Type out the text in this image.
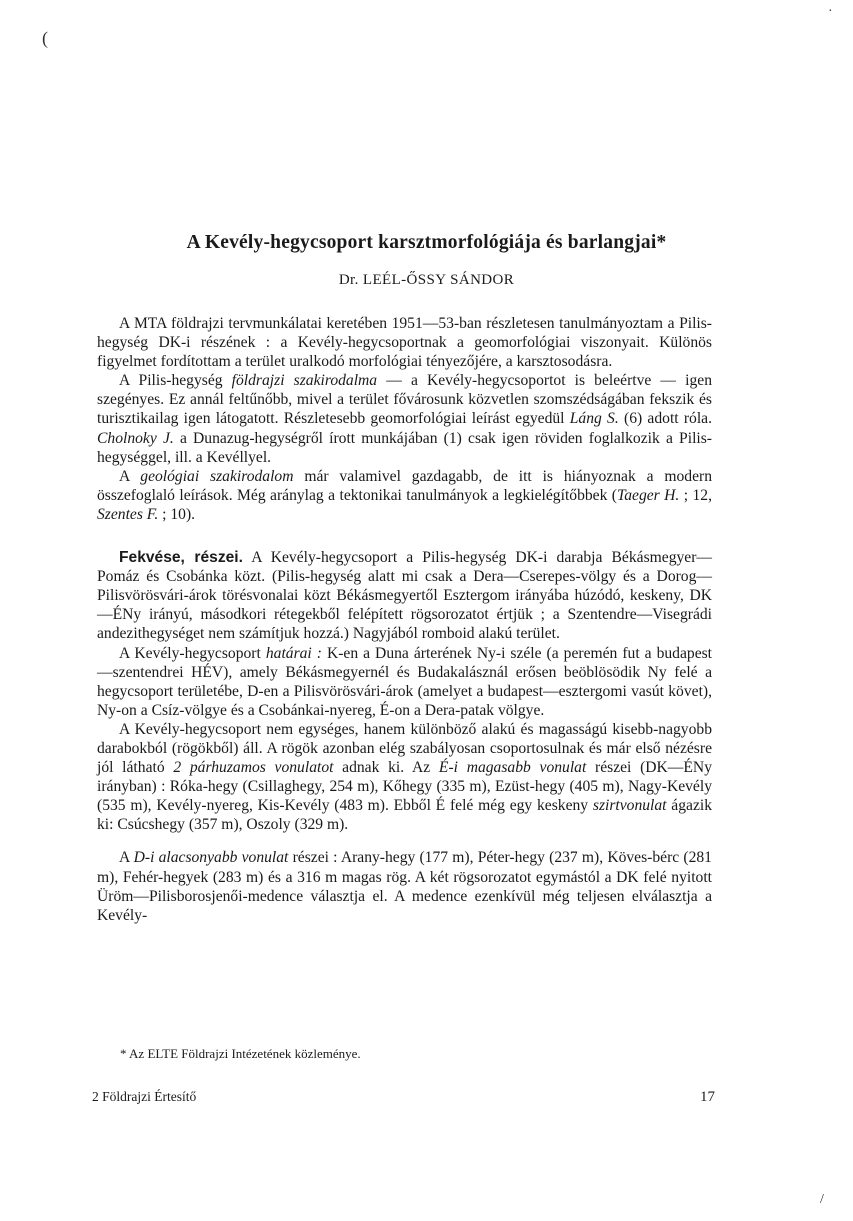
(
·
/
A Kevély-hegycsoport karsztmorfológiája és barlangjai*
Dr. LEÉL-ŐSSY SÁNDOR

A MTA földrajzi tervmunkálatai keretében 1951—53-ban részletesen tanulmányoztam a Pilis-hegység DK-i részének : a Kevély-hegycsoportnak a geomorfológiai viszonyait. Különös figyelmet fordítottam a terület uralkodó morfológiai tényezőjére, a karsztosodásra.

A Pilis-hegység földrajzi szakirodalma — a Kevély-hegycsoportot is beleértve — igen szegényes. Ez annál feltűnőbb, mivel a terület fővárosunk közvetlen szomszédságában fekszik és turisztikailag igen látogatott. Részletesebb geomorfológiai leírást egyedül Láng S. (6) adott róla. Cholnoky J. a Dunazug-hegységről írott munkájában (1) csak igen röviden foglalkozik a Pilis-hegységgel, ill. a Kevéllyel.

A geológiai szakirodalom már valamivel gazdagabb, de itt is hiányoznak a modern összefoglaló leírások. Még aránylag a tektonikai tanulmányok a legkielégítőbbek (Taeger H. ; 12, Szentes F. ; 10).

Fekvése, részei. A Kevély-hegycsoport a Pilis-hegység DK-i darabja Békásmegyer—Pomáz és Csobánka közt. (Pilis-hegység alatt mi csak a Dera—Cserepes-völgy és a Dorog—Pilisvörösvári-árok törésvonalai közt Békásmegyertől Esztergom irányába húzódó, keskeny, DK—ÉNy irányú, másodkori rétegekből felépített rögsorozatot értjük ; a Szentendre—Visegrádi andezithegységet nem számítjuk hozzá.) Nagyjából romboid alakú terület.

A Kevély-hegycsoport határai : K-en a Duna árterének Ny-i széle (a peremén fut a budapest—szentendrei HÉV), amely Békásmegyernél és Budakalásznál erősen beöblösödik Ny felé a hegycsoport területébe, D-en a Pilisvörösvári-árok (amelyet a budapest—esztergomi vasút követ), Ny-on a Csíz-völgye és a Csobánkai-nyereg, É-on a Dera-patak völgye.

A Kevély-hegycsoport nem egységes, hanem különböző alakú és magasságú kisebb-nagyobb darabokból (rögökből) áll. A rögök azonban elég szabályosan csoportosulnak és már első nézésre jól látható 2 párhuzamos vonulatot adnak ki. Az É-i magasabb vonulat részei (DK—ÉNy irányban) : Róka-hegy (Csillaghegy, 254 m), Kőhegy (335 m), Ezüst-hegy (405 m), Nagy-Kevély (535 m), Kevély-nyereg, Kis-Kevély (483 m). Ebből É felé még egy keskeny szirtvonulat ágazik ki: Csúcshegy (357 m), Oszoly (329 m).

A D-i alacsonyabb vonulat részei : Arany-hegy (177 m), Péter-hegy (237 m), Köves-bérc (281 m), Fehér-hegyek (283 m) és a 316 m magas rög. A két rögsorozatot egymástól a DK felé nyitott Üröm—Pilisborosjenői-medence választja el. A medence ezenkívül még teljesen elválasztja a Kevély-

* Az ELTE Földrajzi Intézetének közleménye.
2 Földrajzi Értesítő	17
